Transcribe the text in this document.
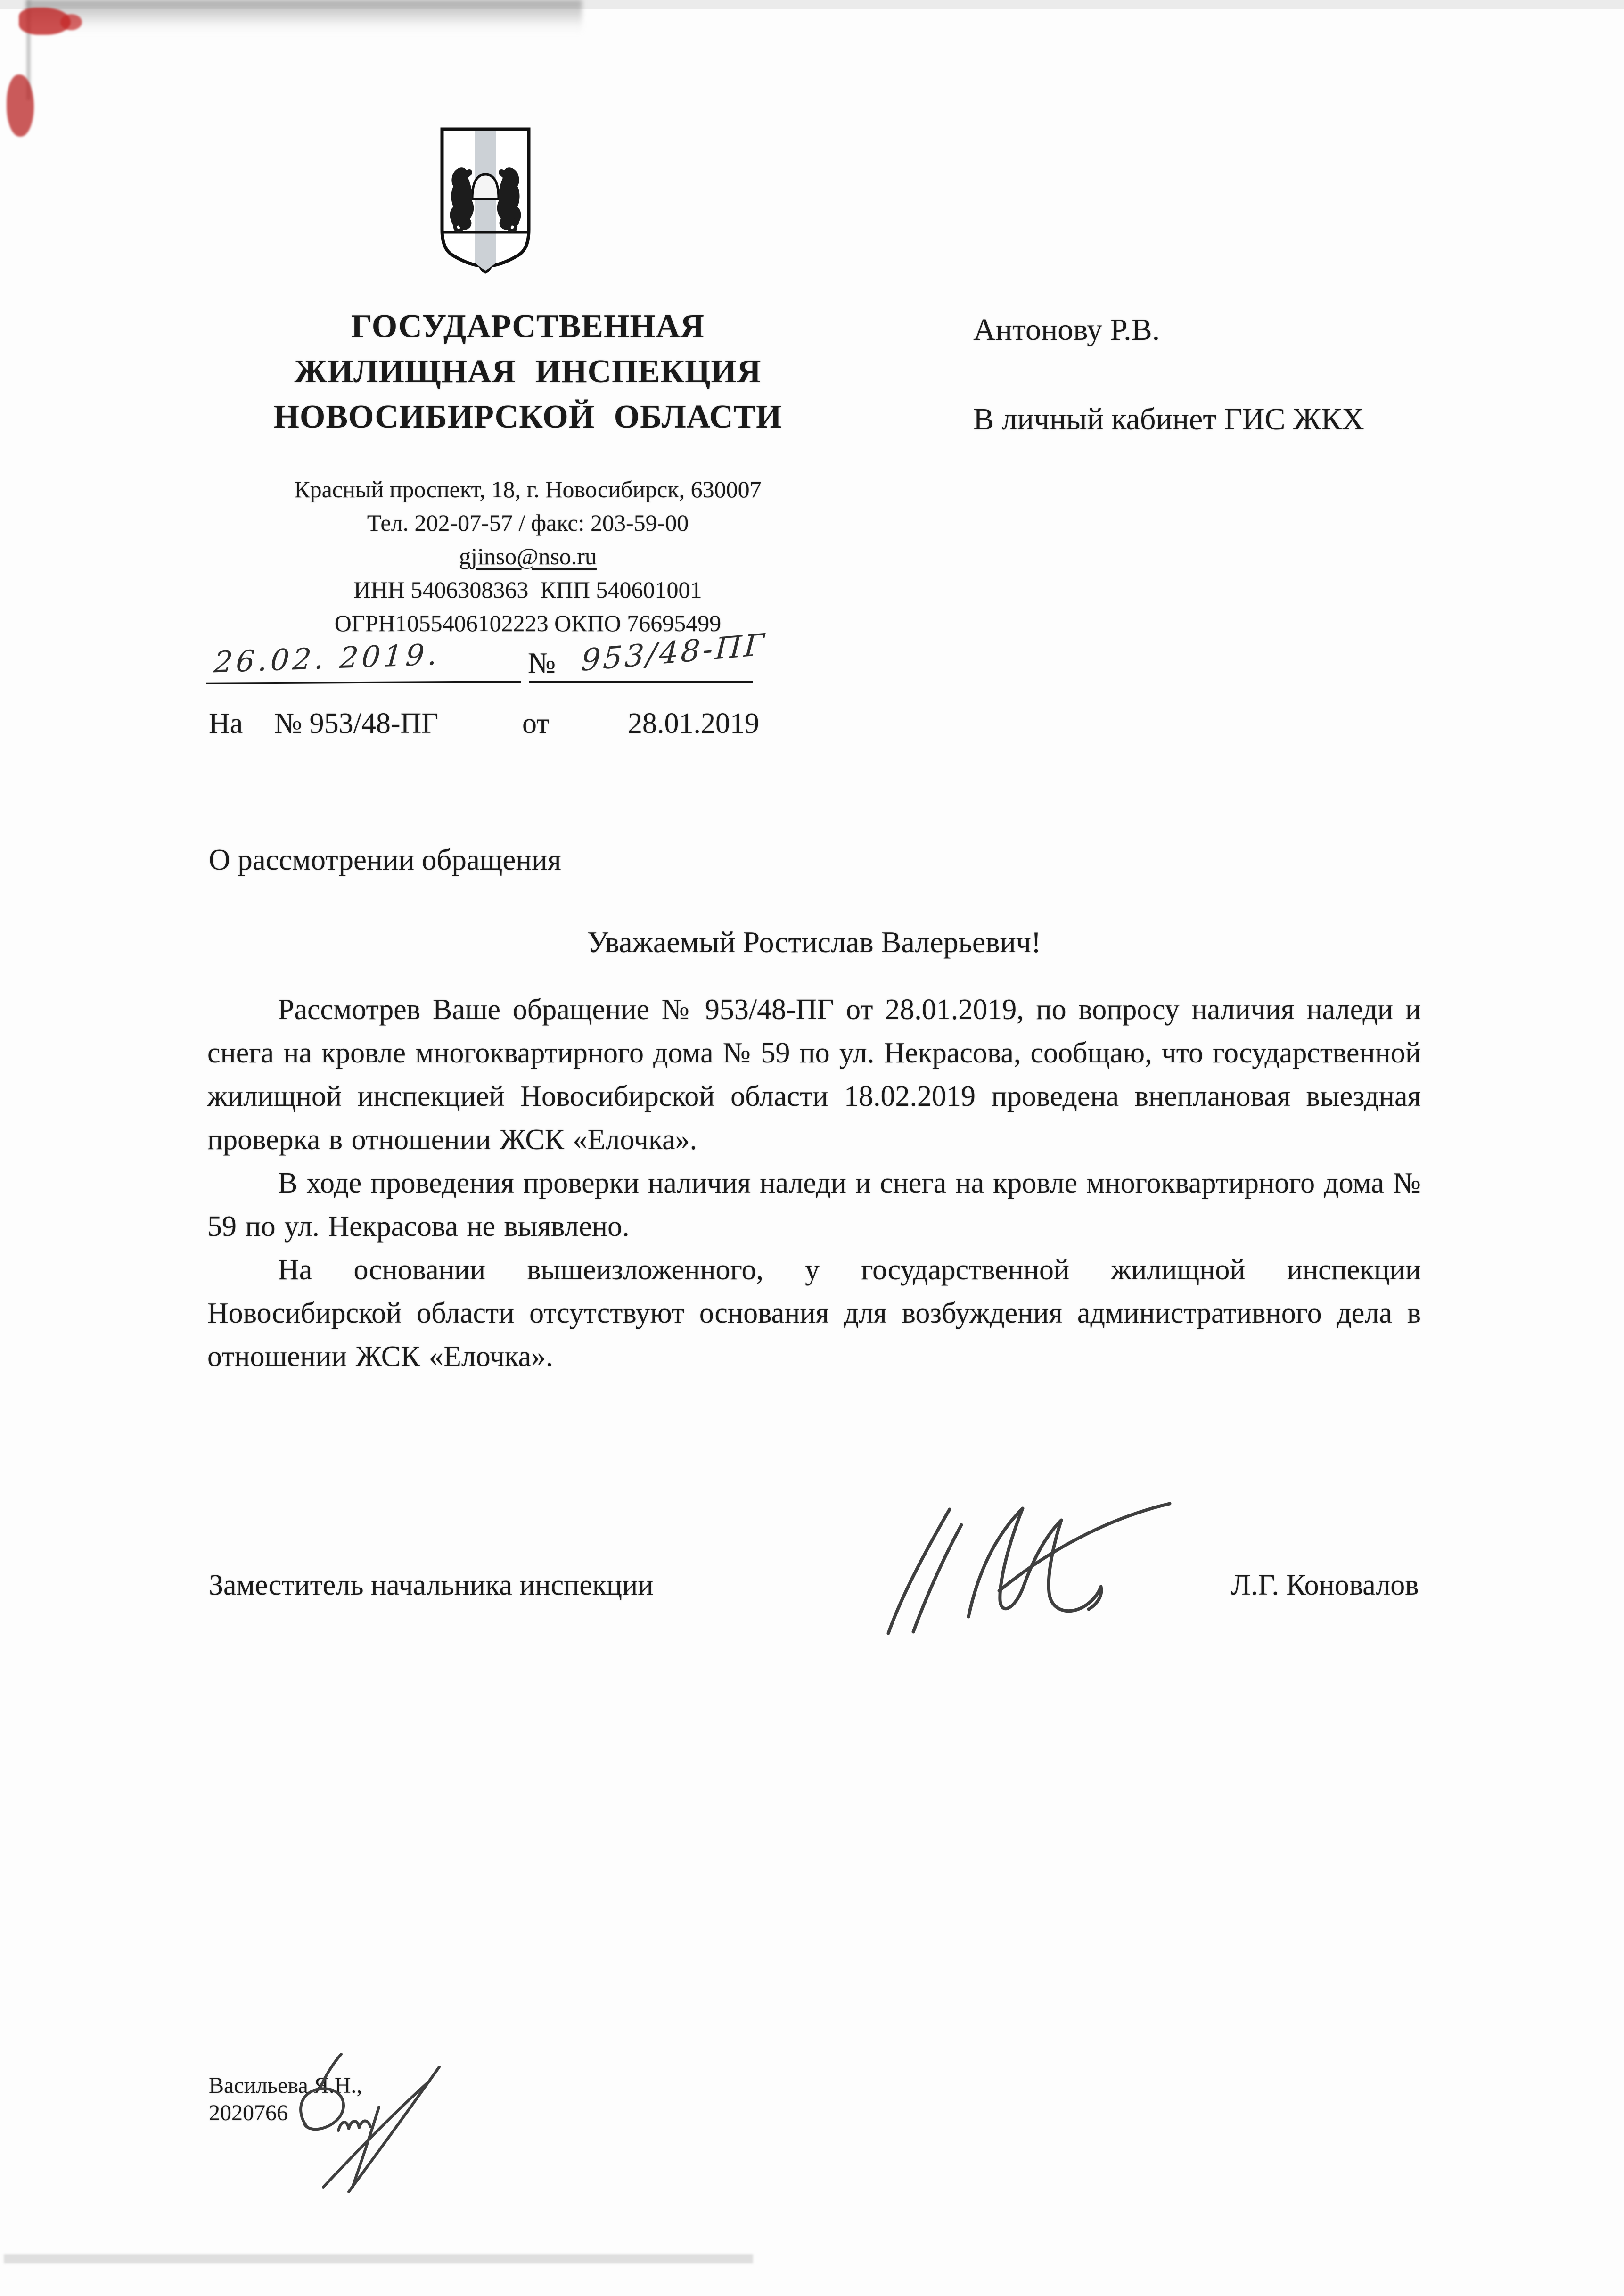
ГОСУДАРСТВЕННАЯ
ЖИЛИЩНАЯ ИНСПЕКЦИЯ
НОВОСИБИРСКОЙ ОБЛАСТИ
Красный проспект, 18, г. Новосибирск, 630007
Тел. 202-07-57 / факс: 203-59-00
gjinso@nso.ru
ИНН 5406308363  КПП 540601001
ОГРН1055406102223 ОКПО 76695499
Антонову Р.В.
В личный кабинет ГИС ЖКХ
26.02. 2019.	№ 953/48-ПГ
На № 953/48-ПГ	от	28.01.2019
О рассмотрении обращения
Уважаемый Ростислав Валерьевич!

Рассмотрев Ваше обращение № 953/48-ПГ от 28.01.2019, по вопросу наличия наледи и снега на кровле многоквартирного дома № 59 по ул. Некрасова, сообщаю, что государственной жилищной инспекцией Новосибирской области 18.02.2019 проведена внеплановая выездная проверка в отношении ЖСК «Елочка».

В ходе проведения проверки наличия наледи и снега на кровле многоквартирного дома № 59 по ул. Некрасова не выявлено.

На основании вышеизложенного, у государственной жилищной инспекции Новосибирской области отсутствуют основания для возбуждения административного дела в отношении ЖСК «Елочка».

Заместитель начальника инспекции	Л.Г. Коновалов
Васильева Я.Н.,
2020766
